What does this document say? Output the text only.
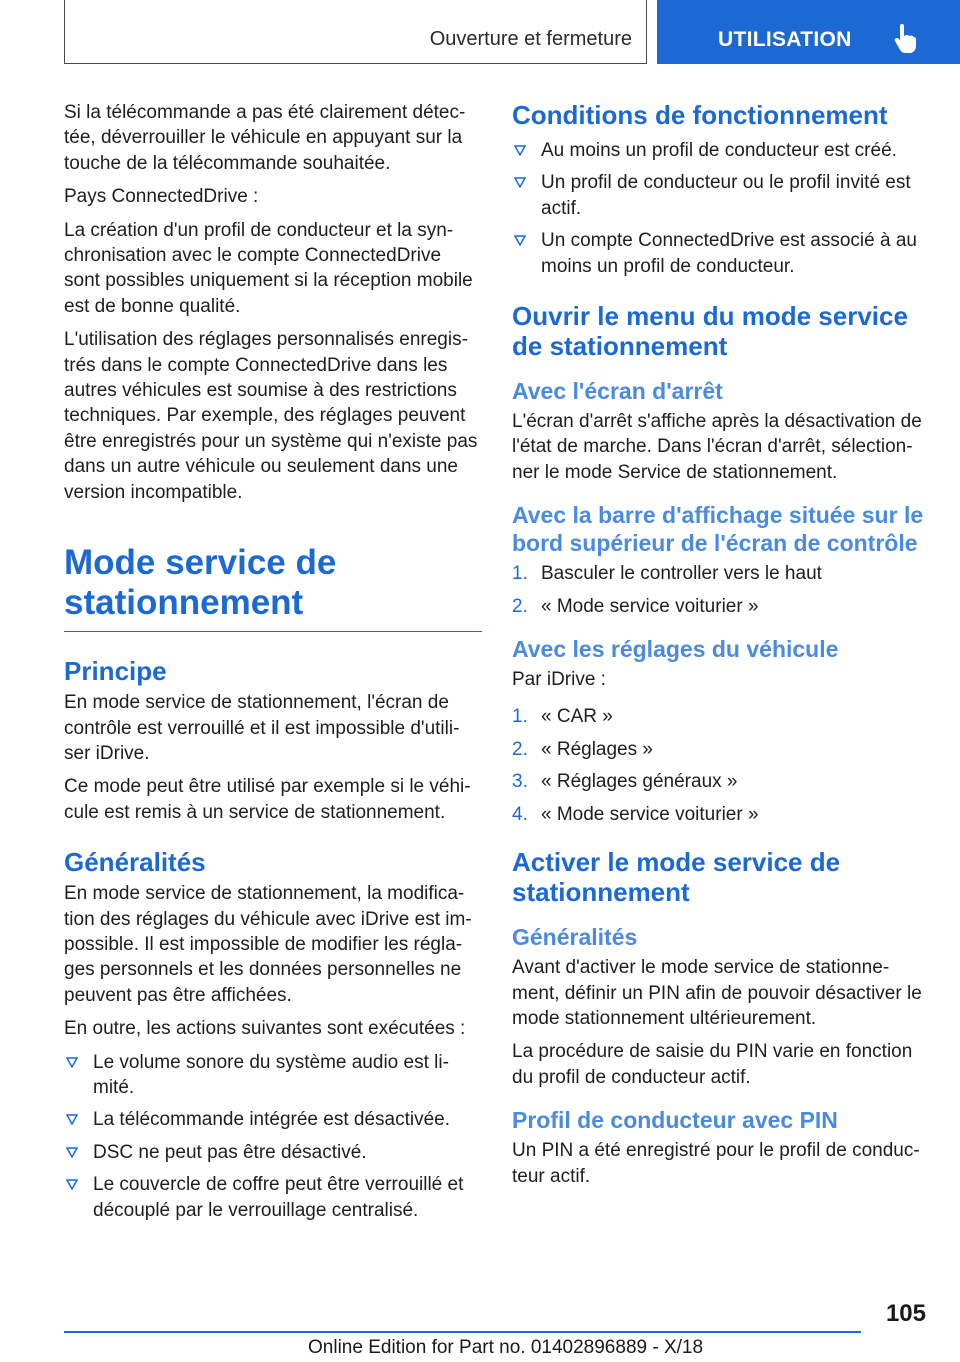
Ouverture et fermeture	UTILISATION

Si la télécommande a pas été clairement détec-tée, déverrouiller le véhicule en appuyant sur la touche de la télécommande souhaitée.

Pays ConnectedDrive :

La création d'un profil de conducteur et la syn-chronisation avec le compte ConnectedDrive sont possibles uniquement si la réception mobile est de bonne qualité.

L'utilisation des réglages personnalisés enregis-trés dans le compte ConnectedDrive dans les autres véhicules est soumise à des restrictions techniques. Par exemple, des réglages peuvent être enregistrés pour un système qui n'existe pas dans un autre véhicule ou seulement dans une version incompatible.

Mode service de stationnement
Principe

En mode service de stationnement, l'écran de contrôle est verrouillé et il est impossible d'utili-ser iDrive.

Ce mode peut être utilisé par exemple si le véhi-cule est remis à un service de stationnement.

Généralités

En mode service de stationnement, la modifica-tion des réglages du véhicule avec iDrive est im-possible. Il est impossible de modifier les régla-ges personnels et les données personnelles ne peuvent pas être affichées.

En outre, les actions suivantes sont exécutées :

Le volume sonore du système audio est li-mité.
La télécommande intégrée est désactivée.
DSC ne peut pas être désactivé.
Le couvercle de coffre peut être verrouillé et découplé par le verrouillage centralisé.
Conditions de fonctionnement
Au moins un profil de conducteur est créé.
Un profil de conducteur ou le profil invité est actif.
Un compte ConnectedDrive est associé à au moins un profil de conducteur.
Ouvrir le menu du mode service de stationnement
Avec l'écran d'arrêt

L'écran d'arrêt s'affiche après la désactivation de l'état de marche. Dans l'écran d'arrêt, sélection-ner le mode Service de stationnement.

Avec la barre d'affichage située sur le bord supérieur de l'écran de contrôle
1. Basculer le controller vers le haut
2. « Mode service voiturier »
Avec les réglages du véhicule

Par iDrive :

1. « CAR »
2. « Réglages »
3. « Réglages généraux »
4. « Mode service voiturier »
Activer le mode service de stationnement
Généralités

Avant d'activer le mode service de stationne-ment, définir un PIN afin de pouvoir désactiver le mode stationnement ultérieurement.

La procédure de saisie du PIN varie en fonction du profil de conducteur actif.

Profil de conducteur avec PIN

Un PIN a été enregistré pour le profil de conduc-teur actif.

105
Online Edition for Part no. 01402896889 - X/18
